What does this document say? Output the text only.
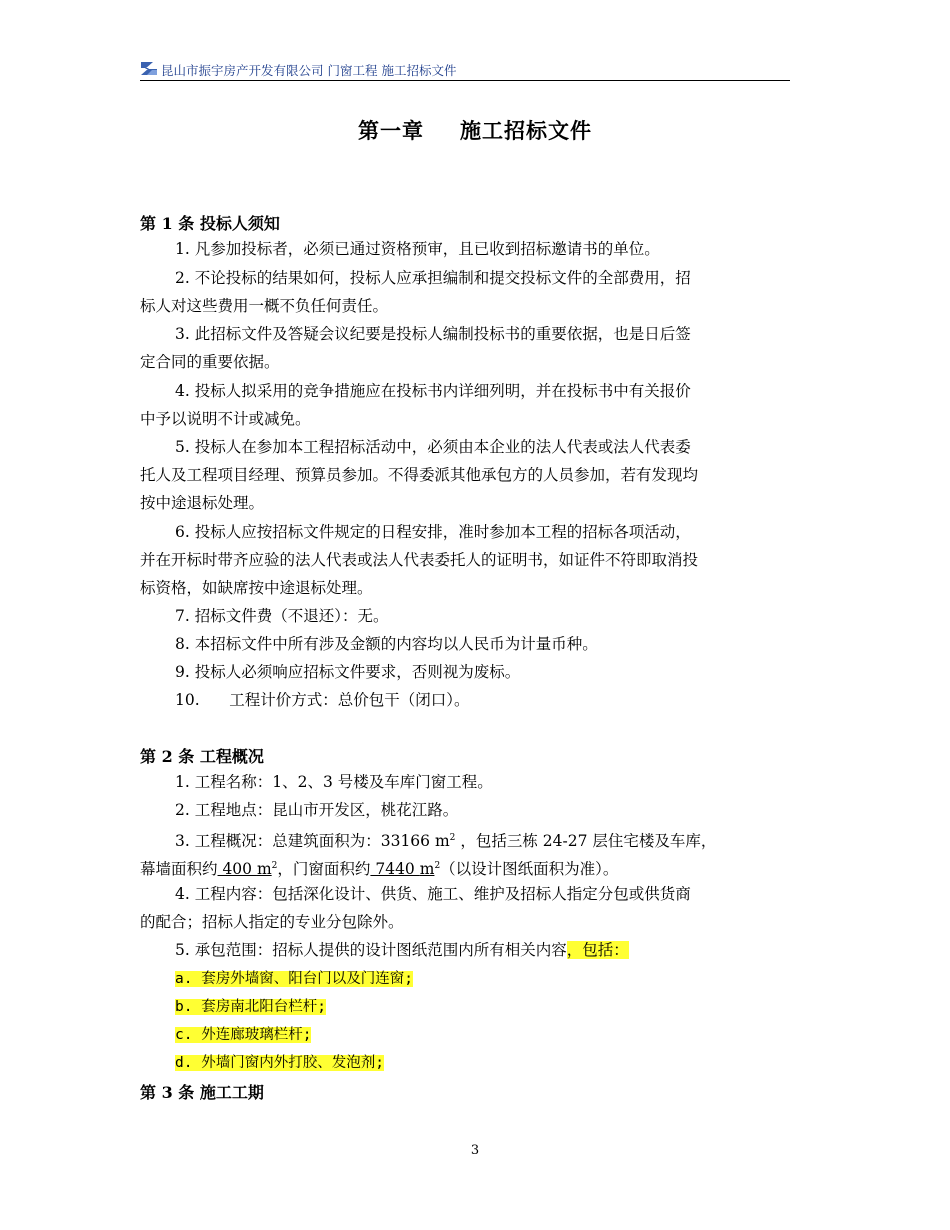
昆山市振宇房产开发有限公司 门窗工程 施工招标文件
第一章 施工招标文件
第 1 条 投标人须知
1. 凡参加投标者，必须已通过资格预审，且已收到招标邀请书的单位。
2. 不论投标的结果如何，投标人应承担编制和提交投标文件的全部费用，招
标人对这些费用一概不负任何责任。
3. 此招标文件及答疑会议纪要是投标人编制投标书的重要依据，也是日后签
定合同的重要依据。
4. 投标人拟采用的竞争措施应在投标书内详细列明，并在投标书中有关报价
中予以说明不计或减免。
5. 投标人在参加本工程招标活动中，必须由本企业的法人代表或法人代表委
托人及工程项目经理、预算员参加。不得委派其他承包方的人员参加，若有发现均
按中途退标处理。
6. 投标人应按招标文件规定的日程安排，准时参加本工程的招标各项活动，
并在开标时带齐应验的法人代表或法人代表委托人的证明书，如证件不符即取消投
标资格，如缺席按中途退标处理。
7. 招标文件费（不退还）：无。
8. 本招标文件中所有涉及金额的内容均以人民币为计量币种。
9. 投标人必须响应招标文件要求，否则视为废标。
10.      工程计价方式：总价包干（闭口）。
第 2 条 工程概况
1. 工程名称：1、2、3 号楼及车库门窗工程。
2. 工程地点：昆山市开发区，桃花江路。
3. 工程概况：总建筑面积为：33166 $m^2$ ，包括三栋 24-27 层住宅楼及车库，
幕墙面积约 400 $m^2$，门窗面积约 7440 $m^2$（以设计图纸面积为准）。
4. 工程内容：包括深化设计、供货、施工、维护及招标人指定分包或供货商
的配合；招标人指定的专业分包除外。
5. 承包范围：招标人提供的设计图纸范围内所有相关内容，包括：
a. 套房外墙窗、阳台门以及门连窗;
b. 套房南北阳台栏杆;
c. 外连廊玻璃栏杆;
d. 外墙门窗内外打胶、发泡剂;
第 3 条 施工工期
3
